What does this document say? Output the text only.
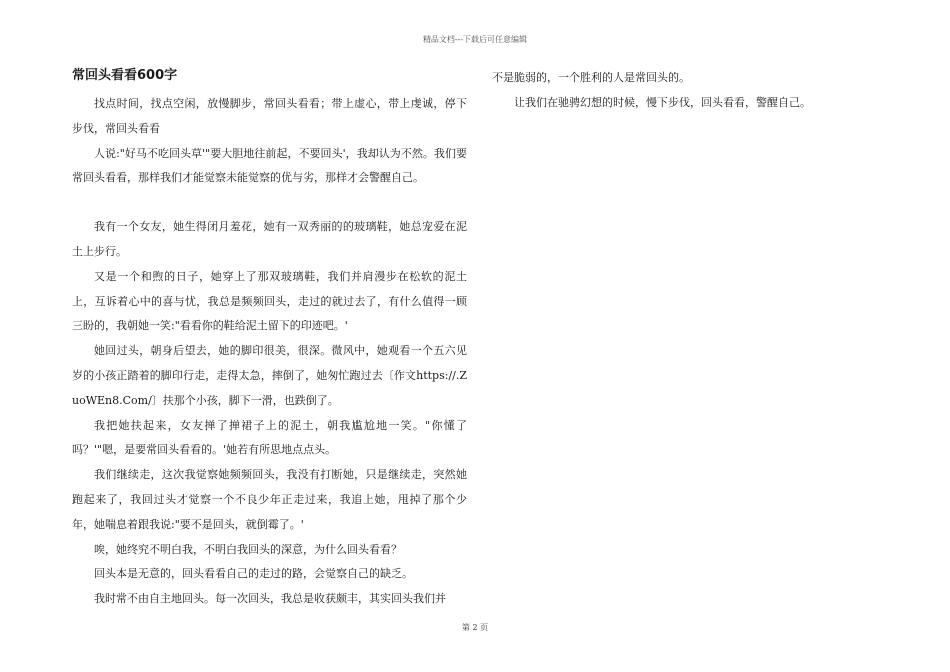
精品文档---下载后可任意编辑
常回头看看600字

找点时间，找点空闲，放慢脚步，常回头看看；带上虚心，带上虔诚，停下步伐，常回头看看

人说:"好马不吃回头草'"要大胆地往前起，不要回头'，我却认为不然。我们要常回头看看，那样我们才能觉察未能觉察的优与劣，那样才会警醒自己。

我有一个女友，她生得闭月羞花，她有一双秀丽的的玻璃鞋，她总宠爱在泥土上步行。

又是一个和煦的日子，她穿上了那双玻璃鞋，我们并肩漫步在松软的泥土上，互诉着心中的喜与忧，我总是频频回头，走过的就过去了，有什么值得一顾三盼的，我朝她一笑:"看看你的鞋给泥土留下的印迹吧。'

她回过头，朝身后望去，她的脚印很美，很深。微风中，她观看一个五六见岁的小孩正踏着的脚印行走，走得太急，摔倒了，她匆忙跑过去〔作文https://.ZuoWEn8.Com/〕扶那个小孩，脚下一滑，也跌倒了。

我把她扶起来，女友掸了掸裙子上的泥土，朝我尴尬地一笑。"你懂了吗？'"嗯，是要常回头看看的。'她若有所思地点点头。

我们继续走，这次我觉察她频频回头，我没有打断她，只是继续走，突然她跑起来了，我回过头才觉察一个不良少年正走过来，我追上她，甩掉了那个少年，她喘息着跟我说:"要不是回头，就倒霉了。'

唉，她终究不明白我，不明白我回头的深意，为什么回头看看？

回头本是无意的，回头看看自己的走过的路，会觉察自己的缺乏。

我时常不由自主地回头。每一次回头，我总是收获颇丰，其实回头我们并

不是脆弱的，一个胜利的人是常回头的。

让我们在驰骋幻想的时候，慢下步伐，回头看看，警醒自己。

第 2 页
